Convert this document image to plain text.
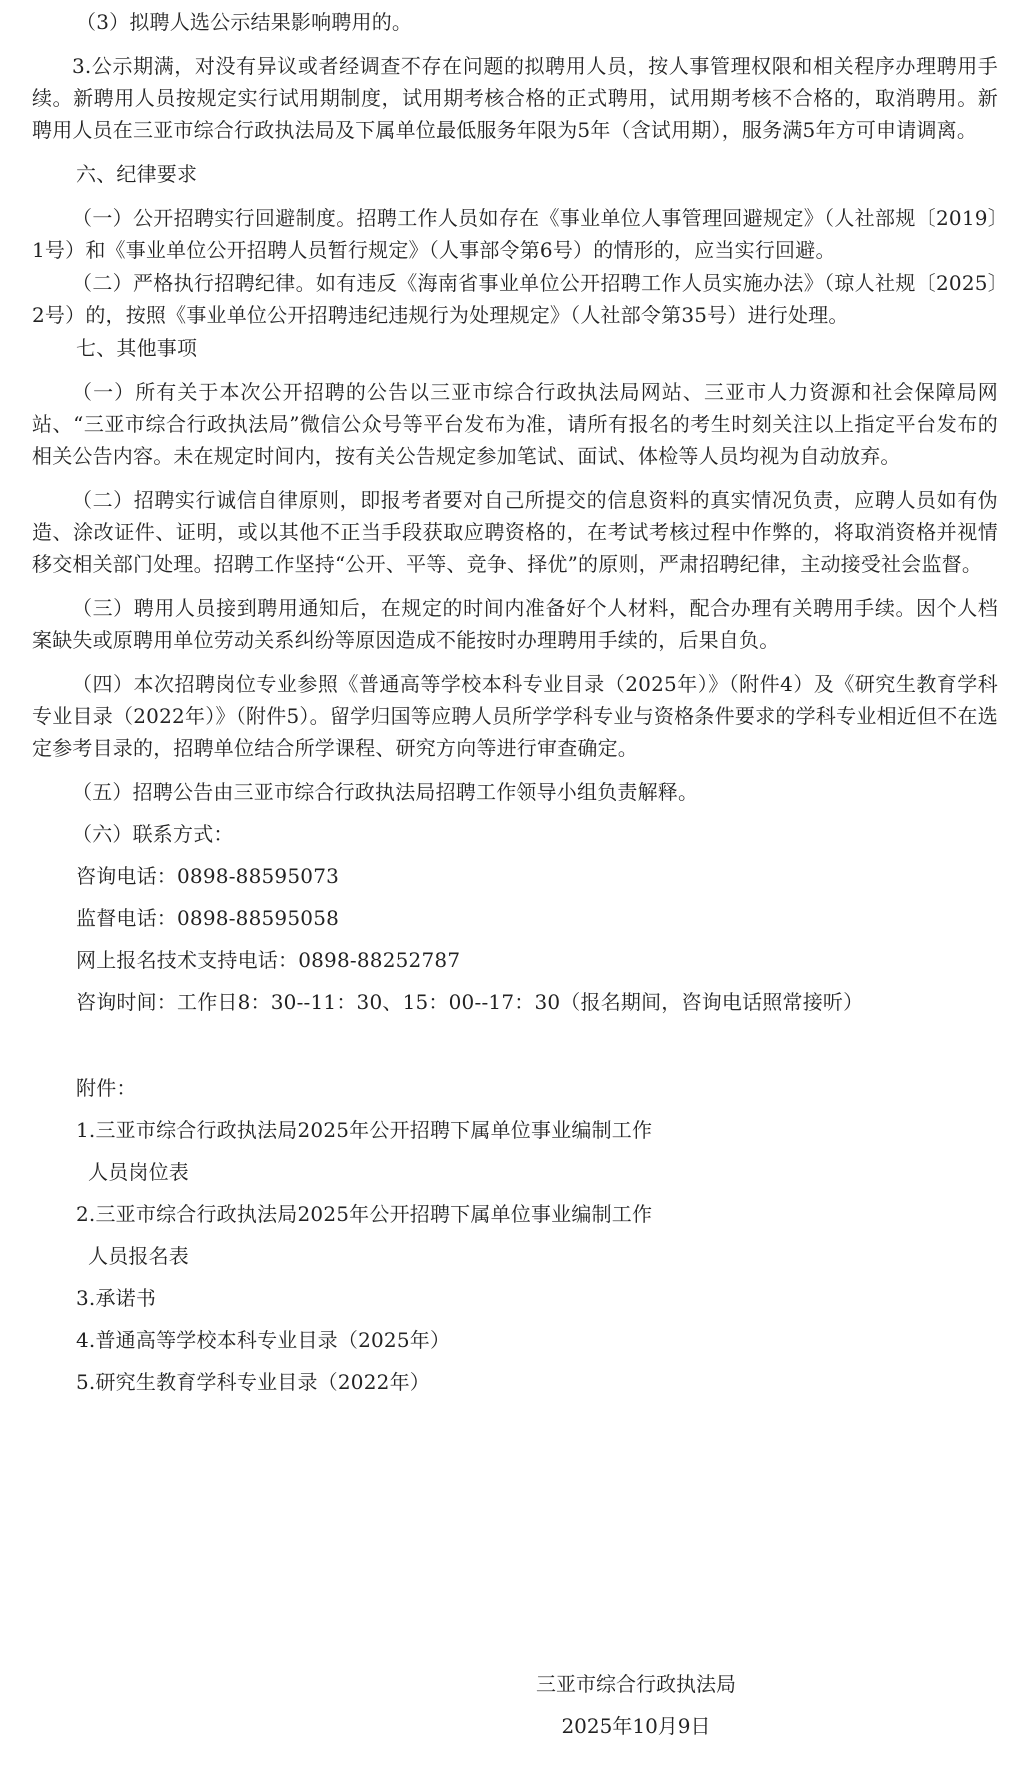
（3）拟聘人选公示结果影响聘用的。

3.公示期满，对没有异议或者经调查不存在问题的拟聘用人员，按人事管理权限和相关程序办理聘用手续。新聘用人员按规定实行试用期制度，试用期考核合格的正式聘用，试用期考核不合格的，取消聘用。新聘用人员在三亚市综合行政执法局及下属单位最低服务年限为5年（含试用期），服务满5年方可申请调离。

六、纪律要求

（一）公开招聘实行回避制度。招聘工作人员如存在《事业单位人事管理回避规定》（人社部规〔2019〕1号）和《事业单位公开招聘人员暂行规定》（人事部令第6号）的情形的，应当实行回避。

（二）严格执行招聘纪律。如有违反《海南省事业单位公开招聘工作人员实施办法》（琼人社规〔2025〕2号）的，按照《事业单位公开招聘违纪违规行为处理规定》（人社部令第35号）进行处理。

七、其他事项

（一）所有关于本次公开招聘的公告以三亚市综合行政执法局网站、三亚市人力资源和社会保障局网站、“三亚市综合行政执法局”微信公众号等平台发布为准，请所有报名的考生时刻关注以上指定平台发布的相关公告内容。未在规定时间内，按有关公告规定参加笔试、面试、体检等人员均视为自动放弃。

（二）招聘实行诚信自律原则，即报考者要对自己所提交的信息资料的真实情况负责，应聘人员如有伪造、涂改证件、证明，或以其他不正当手段获取应聘资格的，在考试考核过程中作弊的，将取消资格并视情移交相关部门处理。招聘工作坚持“公开、平等、竞争、择优”的原则，严肃招聘纪律，主动接受社会监督。

（三）聘用人员接到聘用通知后，在规定的时间内准备好个人材料，配合办理有关聘用手续。因个人档案缺失或原聘用单位劳动关系纠纷等原因造成不能按时办理聘用手续的，后果自负。

（四）本次招聘岗位专业参照《普通高等学校本科专业目录（2025年）》（附件4）及《研究生教育学科专业目录（2022年）》（附件5）。留学归国等应聘人员所学学科专业与资格条件要求的学科专业相近但不在选定参考目录的，招聘单位结合所学课程、研究方向等进行审查确定。

（五）招聘公告由三亚市综合行政执法局招聘工作领导小组负责解释。

（六）联系方式：

咨询电话：0898-88595073

监督电话：0898-88595058

网上报名技术支持电话：0898-88252787

咨询时间：工作日8：30--11：30、15：00--17：30（报名期间，咨询电话照常接听）

附件：

1.三亚市综合行政执法局2025年公开招聘下属单位事业编制工作

人员岗位表

2.三亚市综合行政执法局2025年公开招聘下属单位事业编制工作

人员报名表

3.承诺书

4.普通高等学校本科专业目录（2025年）

5.研究生教育学科专业目录（2022年）

三亚市综合行政执法局
2025年10月9日
